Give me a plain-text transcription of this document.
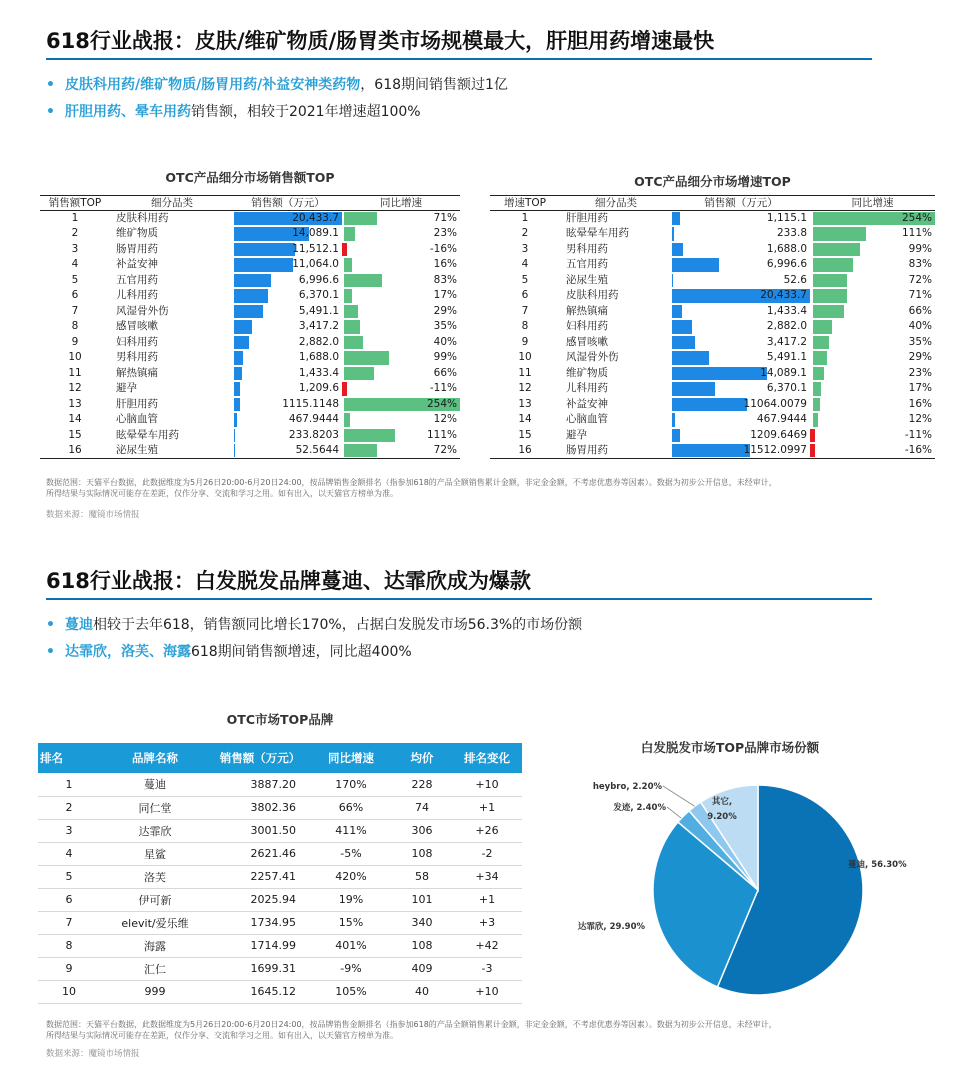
618行业战报：皮肤/维矿物质/肠胃类市场规模最大，肝胆用药增速最快
• 皮肤科用药/维矿物质/肠胃用药/补益安神类药物，618期间销售额过1亿
• 肝胆用药、晕车用药销售额，相较于2021年增速超100%
OTC产品细分市场销售额TOP
销售额TOP	细分品类	销售额（万元）	同比增速
1	皮肤科用药	20,433.7	71%

2	维矿物质	14,089.1	23%

3	肠胃用药	11,512.1	-16%

4	补益安神	11,064.0	16%

5	五官用药	6,996.6	83%

6	儿科用药	6,370.1	17%

7	风湿骨外伤	5,491.1	29%

8	感冒咳嗽	3,417.2	35%

9	妇科用药	2,882.0	40%

10	男科用药	1,688.0	99%

11	解热镇痛	1,433.4	66%

12	避孕	1,209.6	-11%

13	肝胆用药	1115.1148	254%

14	心脑血管	467.9444	12%

15	眩晕晕车用药	233.8203	111%

16	泌尿生殖	52.5644	72%
OTC产品细分市场增速TOP
增速TOP	细分品类	销售额（万元）	同比增速
1	肝胆用药	1,115.1	254%

2	眩晕晕车用药	233.8	111%

3	男科用药	1,688.0	99%

4	五官用药	6,996.6	83%

5	泌尿生殖	52.6	72%

6	皮肤科用药	20,433.7	71%

7	解热镇痛	1,433.4	66%

8	妇科用药	2,882.0	40%

9	感冒咳嗽	3,417.2	35%

10	风湿骨外伤	5,491.1	29%

11	维矿物质	14,089.1	23%

12	儿科用药	6,370.1	17%

13	补益安神	11064.0079	16%

14	心脑血管	467.9444	12%

15	避孕	1209.6469	-11%

16	肠胃用药	11512.0997	-16%
数据范围：天猫平台数据，此数据维度为5月26日20:00-6月20日24:00，按品牌销售金额排名（指参加618的产品全额销售累计金额，非定金金额，不考虑优惠券等因素）。数据为初步公开信息，未经审计，
所得结果与实际情况可能存在差距，仅作分享、交流和学习之用。如有出入，以天猫官方榜单为准。
数据来源：魔镜市场情报
618行业战报：白发脱发品牌蔓迪、达霏欣成为爆款
• 蔓迪相较于去年618，销售额同比增长170%，占据白发脱发市场56.3%的市场份额
• 达霏欣，洛芙、海露618期间销售额增速，同比超400%
OTC市场TOP品牌
排名	品牌名称	销售额（万元）	同比增速	均价	排名变化
1	蔓迪	3887.20	170%	228	+10
2	同仁堂	3802.36	66%	74	+1
3	达霏欣	3001.50	411%	306	+26
4	星鲨	2621.46	-5%	108	-2
5	洛芙	2257.41	420%	58	+34
6	伊可新	2025.94	19%	101	+1
7	elevit/爱乐维	1734.95	15%	340	+3
8	海露	1714.99	401%	108	+42
9	汇仁	1699.31	-9%	409	-3
10	999	1645.12	105%	40	+10
白发脱发市场TOP品牌市场份额
蔓迪, 56.30%
达霏欣, 29.90%
发迹, 2.40%
heybro, 2.20%
其它,
9.20%
数据范围：天猫平台数据，此数据维度为5月26日20:00-6月20日24:00，按品牌销售金额排名（指参加618的产品全额销售累计金额，非定金金额，不考虑优惠券等因素）。数据为初步公开信息，未经审计，
所得结果与实际情况可能存在差距，仅作分享、交流和学习之用。如有出入，以天猫官方榜单为准。
数据来源：魔镜市场情报
